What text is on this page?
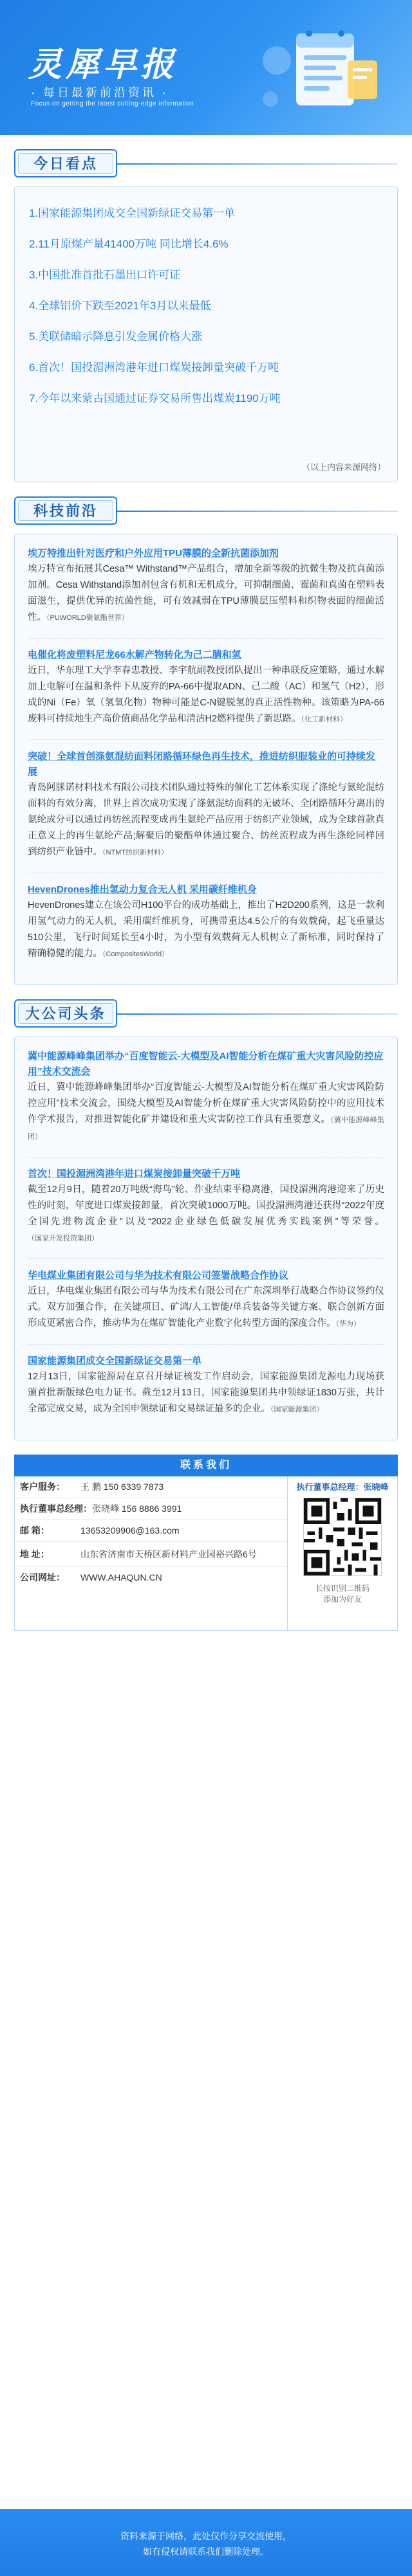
灵犀早报
· 每日最新前沿资讯 ·
Focus on getting the latest cutting-edge information
今日看点
1.国家能源集团成交全国新绿证交易第一单
2.11月原煤产量41400万吨 同比增长4.6%
3.中国批准首批石墨出口许可证
4.全球铝价下跌至2021年3月以来最低
5.美联储暗示降息引发金属价格大涨
6.首次！国投湄洲湾港年进口煤炭接卸量突破千万吨
7.今年以来蒙古国通过证券交易所售出煤炭1190万吨
（以上内容来源网络）
科技前沿
埃万特推出针对医疗和户外应用TPU薄膜的全新抗菌添加剂

埃万特宣布拓展其Cesa™ Withstand™产品组合，增加全新等级的抗微生物及抗真菌添加剂。Cesa Withstand添加剂包含有机和无机成分，可抑制细菌、霉菌和真菌在塑料表面滋生，提供优异的抗菌性能，可有效减弱在TPU薄膜层压塑料和织物表面的细菌活性。（PUWORLD聚氨酯世界）

电催化将废塑料尼龙66水解产物转化为己二腈和氢

近日，华东理工大学李春忠教授、李宇航副教授团队提出一种串联反应策略，通过水解加上电解可在温和条件下从废弃的PA-66中提取ADN、己二酸（AC）和氢气（H2），形成的Ni（Fe）氧（氢氧化物）物种可能是C-N键脱氢的真正活性物种。该策略为PA-66废料可持续地生产高价值商品化学品和清洁H2燃料提供了新思路。（化工新材料）

突破！全球首创涤氨混纺面料闭路循环绿色再生技术，推进纺织服装业的可持续发展

青岛阿脒诺材料技术有限公司技术团队通过特殊的催化工艺体系实现了涤纶与氨纶混纺面料的有效分离，世界上首次成功实现了涤氨混纺面料的无破坏、全闭路循环分离出的氨纶成分可以通过再纺丝流程变成再生氨纶产品应用于纺织产业领域，成为全球首款真正意义上的再生氨纶产品;解聚后的聚酯单体通过聚合、纺丝流程成为再生涤纶同样回到纺织产业链中。（NTMT纺织新材料）

HevenDrones推出氢动力复合无人机 采用碳纤维机身

HevenDrones建立在该公司H100平台的成功基础上，推出了H2D200系列，这是一款利用氢气动力的无人机，采用碳纤维机身，可携带重达4.5公斤的有效载荷，起飞重量达510公里，飞行时间延长至4小时，为小型有效载荷无人机树立了新标准，同时保持了精确稳健的能力。（CompositesWorld）

大公司头条
冀中能源峰峰集团举办“百度智能云-大模型及AI智能分析在煤矿重大灾害风险防控应用”技术交流会

近日，冀中能源峰峰集团举办“百度智能云-大模型及AI智能分析在煤矿重大灾害风险防控应用”技术交流会，围绕大模型及AI智能分析在煤矿重大灾害风险防控中的应用技术作学术报告，对推进智能化矿井建设和重大灾害防控工作具有重要意义。（冀中能源峰峰集团）

首次！国投湄洲湾港年进口煤炭接卸量突破千万吨

截至12月9日，随着20万吨级“海鸟”轮、作业结束平稳离港，国投湄洲湾港迎来了历史性的时刻，年度进口煤炭接卸量，首次突破1000万吨。国投湄洲湾港还获得“2022年度全国先进物流企业”以及“2022企业绿色低碳发展优秀实践案例”等荣誉。（国家开发投资集团）

华电煤业集团有限公司与华为技术有限公司签署战略合作协议

近日，华电煤业集团有限公司与华为技术有限公司在广东深圳举行战略合作协议签约仪式。双方加强合作，在关键项目、矿鸿/人工智能/单兵装备等关键方案、联合创新方面形成更紧密合作，推动华为在煤矿智能化产业数字化转型方面的深度合作。（华为）

国家能源集团成交全国新绿证交易第一单

12月13日，国家能源局在京召开绿证核发工作启动会，国家能源集团龙源电力现场获颁首批新版绿色电力证书。截至12月13日，国家能源集团共申领绿证1830万张，共计全部完成交易，成为全国申领绿证和交易绿证最多的企业。（国家能源集团）

联系我们
客户服务：	王 鹏 150 6339 7873
执行董事总经理： 张晓峰 156 8886 3991
邮 箱：	13653209906@163.com
地 址：	山东省济南市天桥区新材料产业园裕兴路6号
公司网址：	WWW.AHAQUN.CN
执行董事总经理：张晓峰
长按识别二维码
添加为好友
资料来源于网络，此处仅作分享交流使用，
如有侵权请联系我们删除处理。
